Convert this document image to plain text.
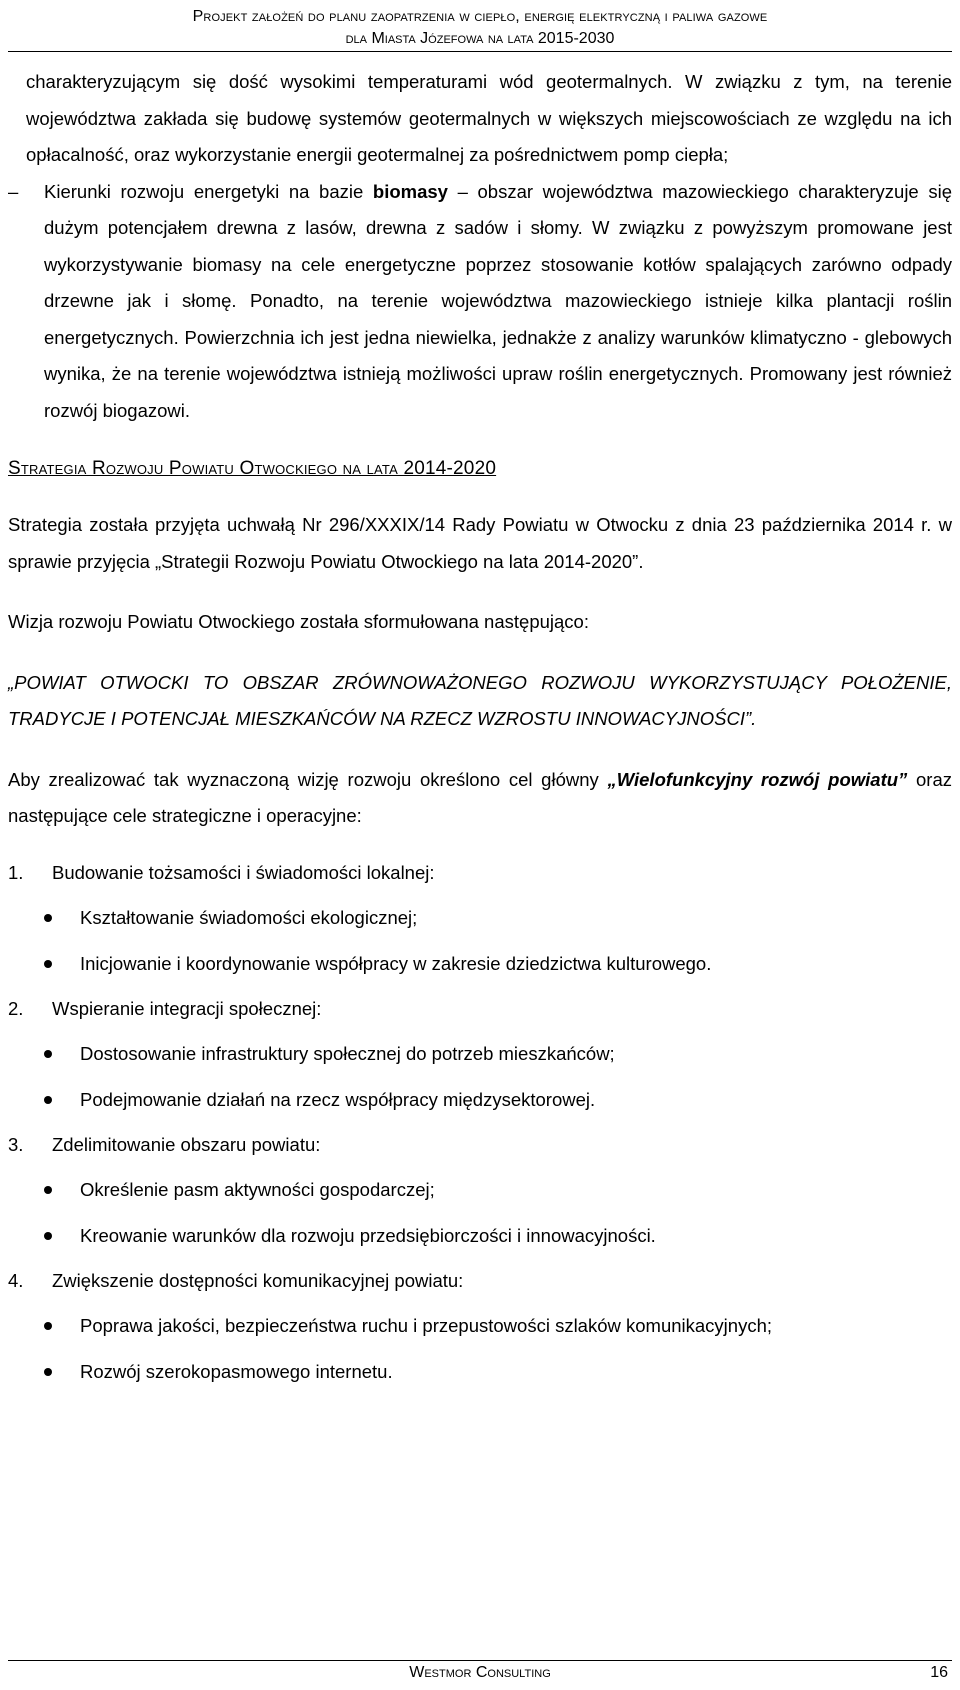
Projekt założeń do planu zaopatrzenia w ciepło, energię elektryczną i paliwa gazowe
dla Miasta Józefowa na lata 2015-2030

charakteryzującym się dość wysokimi temperaturami wód geotermalnych. W związku z tym, na terenie województwa zakłada się budowę systemów geotermalnych w większych miejscowościach ze względu na ich opłacalność, oraz wykorzystanie energii geotermalnej za pośrednictwem pomp ciepła;

– Kierunki rozwoju energetyki na bazie biomasy – obszar województwa mazowieckiego charakteryzuje się dużym potencjałem drewna z lasów, drewna z sadów i słomy. W związku z powyższym promowane jest wykorzystywanie biomasy na cele energetyczne poprzez stosowanie kotłów spalających zarówno odpady drzewne jak i słomę. Ponadto, na terenie województwa mazowieckiego istnieje kilka plantacji roślin energetycznych. Powierzchnia ich jest jedna niewielka, jednakże z analizy warunków klimatyczno - glebowych wynika, że na terenie województwa istnieją możliwości upraw roślin energetycznych. Promowany jest również rozwój biogazowi.

Strategia Rozwoju Powiatu Otwockiego na lata 2014-2020

Strategia została przyjęta uchwałą Nr 296/XXXIX/14 Rady Powiatu w Otwocku z dnia 23 października 2014 r. w sprawie przyjęcia „Strategii Rozwoju Powiatu Otwockiego na lata 2014-2020”.

Wizja rozwoju Powiatu Otwockiego została sformułowana następująco:

„POWIAT OTWOCKI TO OBSZAR ZRÓWNOWAŻONEGO ROZWOJU WYKORZYSTUJĄCY POŁOŻENIE, TRADYCJE I POTENCJAŁ MIESZKAŃCÓW NA RZECZ WZROSTU INNOWACYJNOŚCI”.

Aby zrealizować tak wyznaczoną wizję rozwoju określono cel główny „Wielofunkcyjny rozwój powiatu” oraz następujące cele strategiczne i operacyjne:

1. Budowanie tożsamości i świadomości lokalnej:
Kształtowanie świadomości ekologicznej;
Inicjowanie i koordynowanie współpracy w zakresie dziedzictwa kulturowego.
2. Wspieranie integracji społecznej:
Dostosowanie infrastruktury społecznej do potrzeb mieszkańców;
Podejmowanie działań na rzecz współpracy międzysektorowej.
3. Zdelimitowanie obszaru powiatu:
Określenie pasm aktywności gospodarczej;
Kreowanie warunków dla rozwoju przedsiębiorczości i innowacyjności.
4. Zwiększenie dostępności komunikacyjnej powiatu:
Poprawa jakości, bezpieczeństwa ruchu i przepustowości szlaków komunikacyjnych;
Rozwój szerokopasmowego internetu.
Westmor Consulting	16
